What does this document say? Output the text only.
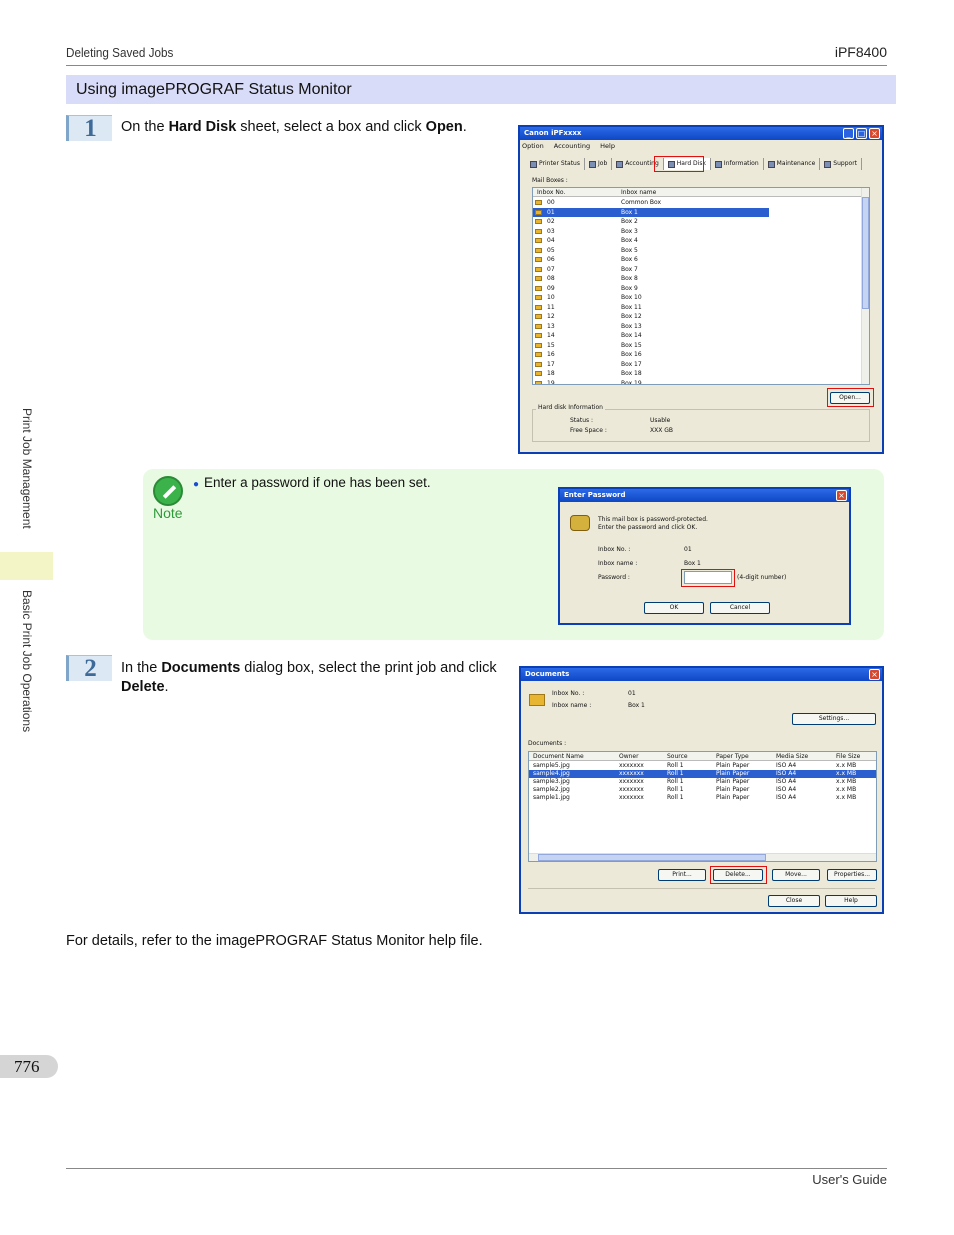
Deleting Saved Jobs	iPF8400
Using imagePROGRAF Status Monitor
1	On the Hard Disk sheet, select a box and click Open.	Canon iPFxxxx	_ □ ×
Option Accounting Help
Printer Status	Job	Accounting	Hard Disk	Information	Maintenance	Support
Mail Boxes :
Inbox No.	Inbox name
00	Common Box
01	Box 1
02	Box 2
03	Box 3
04	Box 4
05	Box 5
06	Box 6
07	Box 7
08	Box 8
09	Box 9
10	Box 10
11	Box 11
12	Box 12
13	Box 13
14	Box 14
15	Box 15
16	Box 16
17	Box 17
18	Box 18
19	Box 19
Open...
Hard disk Information
Status :	Usable
Free Space :	XXX GB
Note
● Enter a password if one has been set.
Enter Password	×
This mail box is password-protected.
Enter the password and click OK.
Inbox No. :	01
Inbox name :	Box 1
Password :	(4-digit number)
OK	Cancel
2	In the Documents dialog box, select the print job and click Delete.
Documents	×
Inbox No. :	01
Inbox name :	Box 1
Settings...
Documents :
Document Name	Owner	Source	Paper Type	Media Size	File Size
sample5.jpg	xxxxxxx	Roll 1	Plain Paper	ISO A4	x.x MB
sample4.jpg	xxxxxxx	Roll 1	Plain Paper	ISO A4	x.x MB
sample3.jpg	xxxxxxx	Roll 1	Plain Paper	ISO A4	x.x MB
sample2.jpg	xxxxxxx	Roll 1	Plain Paper	ISO A4	x.x MB
sample1.jpg	xxxxxxx	Roll 1	Plain Paper	ISO A4	x.x MB
Print...	Delete...	Move...	Properties...
Close	Help
For details, refer to the imagePROGRAF Status Monitor help file.
Print Job Management
Basic Print Job Operations
776
User's Guide
